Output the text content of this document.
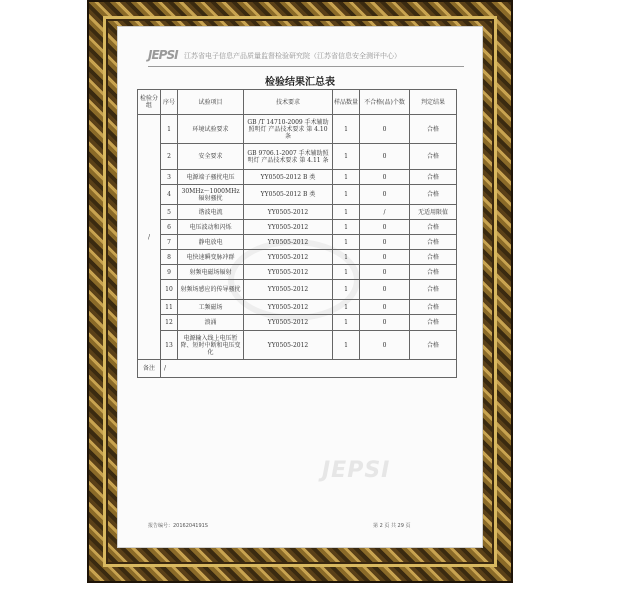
JEPSI 江苏省电子信息产品质量监督检验研究院（江苏省信息安全测评中心）
检验结果汇总表
检验分组	序号	试验项目	技术要求	样品数量	不合格(品)个数	判定结果
/	1	环境试验要求	GB /T 14710-2009 手术辅助照明灯 产品技术要求 第 4.10 条	1	0	合格
	2	安全要求	GB 9706.1-2007 手术辅助照明灯 产品技术要求 第 4.11 条	1	0	合格
	3	电源端子骚扰电压	YY0505-2012 B 类	1	0	合格
	4	30MHz～1000MHz 辐射骚扰	YY0505-2012 B 类	1	0	合格
	5	谐波电流	YY0505-2012	1	/	无适用限值
	6	电压波动和闪烁	YY0505-2012	1	0	合格
	7	静电放电	YY0505-2012	1	0	合格
	8	电快速瞬变脉冲群	YY0505-2012	1	0	合格
	9	射频电磁场辐射	YY0505-2012	1	0	合格
	10	射频场感应的传导骚扰	YY0505-2012	1	0	合格
	11	工频磁场	YY0505-2012	1	0	合格
	12	浪涌	YY0505-2012	1	0	合格
	13	电源输入线上电压暂降、短时中断和电压变化	YY0505-2012	1	0	合格
备注	/					
JEPSI
报告编号：2016204191S	第 2 页 共 29 页
